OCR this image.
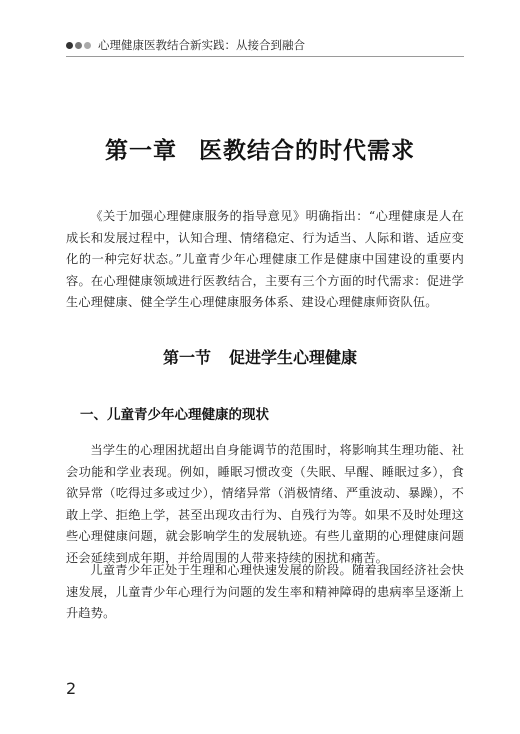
心理健康医教结合新实践：从接合到融合
第一章 医教结合的时代需求

《关于加强心理健康服务的指导意见》明确指出：“心理健康是人在成长和发展过程中，认知合理、情绪稳定、行为适当、人际和谐、适应变化的一种完好状态。”儿童青少年心理健康工作是健康中国建设的重要内容。在心理健康领域进行医教结合，主要有三个方面的时代需求：促进学生心理健康、健全学生心理健康服务体系、建设心理健康师资队伍。

第一节 促进学生心理健康
一、儿童青少年心理健康的现状

当学生的心理困扰超出自身能调节的范围时，将影响其生理功能、社会功能和学业表现。例如，睡眠习惯改变（失眠、早醒、睡眠过多），食欲异常（吃得过多或过少），情绪异常（消极情绪、严重波动、暴躁），不敢上学、拒绝上学，甚至出现攻击行为、自残行为等。如果不及时处理这些心理健康问题，就会影响学生的发展轨迹。有些儿童期的心理健康问题还会延续到成年期，并给周围的人带来持续的困扰和痛苦。

儿童青少年正处于生理和心理快速发展的阶段。随着我国经济社会快速发展，儿童青少年心理行为问题的发生率和精神障碍的患病率呈逐渐上升趋势。

2
